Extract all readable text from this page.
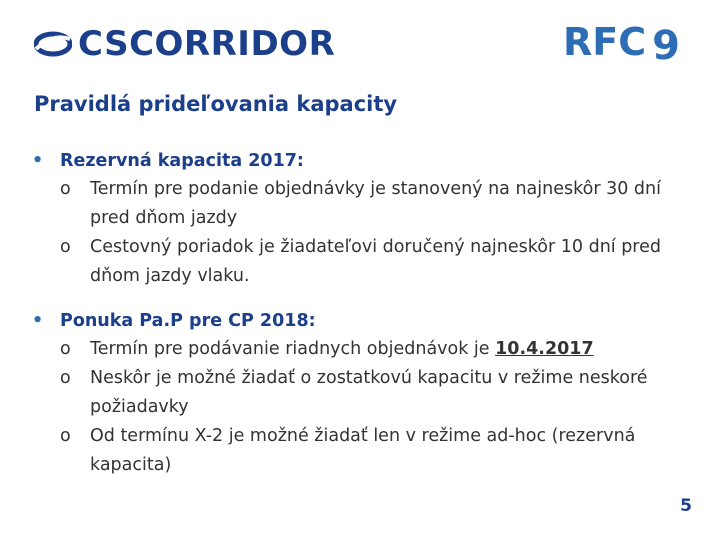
CSCORRIDOR	RFC 9
Pravidlá prideľovania kapacity
• Rezervná kapacita 2017:
o Termín pre podanie objednávky je stanovený na najneskôr 30 dní pred dňom jazdy
o Cestovný poriadok je žiadateľovi doručený najneskôr 10 dní pred dňom jazdy vlaku.
• Ponuka Pa.P pre CP 2018:
o Termín pre podávanie riadnych objednávok je 10.4.2017
o Neskôr je možné žiadať o zostatkovú kapacitu v režime neskoré požiadavky
o Od termínu X-2 je možné žiadať len v režime ad-hoc (rezervná kapacita)
5
